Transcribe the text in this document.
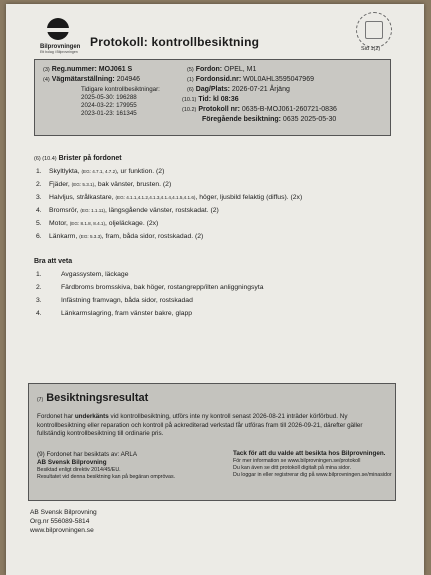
Bilprovningen
Ett bolag i Bilprovningen
Protokoll: kontrollbesiktning	Sid 1(2)
(3) Reg.nummer: MOJ061 S
(4) Vägmätarställning: 204946
Tidigare kontrollbesiktningar:
2025-05-30: 196288
2024-03-22: 179955
2023-01-23: 161345
(5) Fordon: OPEL, M1
(1) Fordonsid.nr: W0L0AHL3595047969
(6) Dag/Plats: 2026-07-21 Årjäng
(10.1) Tid: kl 08:36
(10.2) Protokoll nr: 0635-B-MOJ061-260721-0836
Föregående besiktning: 0635 2025-05-30
(6) (10.4) Brister på fordonet
1. Skyltlykta, (EG: 4.7.1, 4.7.2), ur funktion. (2)
2. Fjäder, (EG: 5.3.1), bak vänster, brusten. (2)
3. Halvljus, strålkastare, (EG: 4.1.1,4.1.2,4.1.3,4.1.4,4.1.5,4.1.6), höger, ljusbild felaktig (diffus). (2x)
4. Bromsrör, (EG: 1.1.11), längsgående vänster, rostskadat. (2)
5. Motor, (EG: 8.1.8, 8.4.1), oljeläckage. (2x)
6. Länkarm, (EG: 5.3.3), fram, båda sidor, rostskadad. (2)
Bra att veta
1.	Avgassystem, läckage
2.	Färdbroms bromsskiva, bak höger, rostangrepp/ilten anliggningsyta
3.	Infästning framvagn, båda sidor, rostskadad
4.	Länkarmslagring, fram vänster bakre, glapp
(7) Besiktningsresultat
Fordonet har underkänts vid kontrollbesiktning, utförs inte ny kontroll senast 2026-08-21 inträder körförbud. Ny kontrollbesiktning eller reparation och kontroll på ackrediterad verkstad får utföras fram till 2026-09-21, därefter gäller fullständig kontrollbesiktning till ordinarie pris.
(9) Fordonet har besiktats av: ARLA
AB Svensk Bilprovning
Besiktad enligt direktiv 2014/45/EU.
Resultatet vid denna besiktning kan på begäran omprövas.
Tack för att du valde att besikta hos Bilprovningen.
För mer information se www.bilprovningen.se/protokoll
Du kan även se ditt protokoll digitalt på mina sidor.
Du loggar in eller registrerar dig på www.bilprovningen.se/minasidor
AB Svensk Bilprovning
Org.nr 556089-5814
www.bilprovningen.se
